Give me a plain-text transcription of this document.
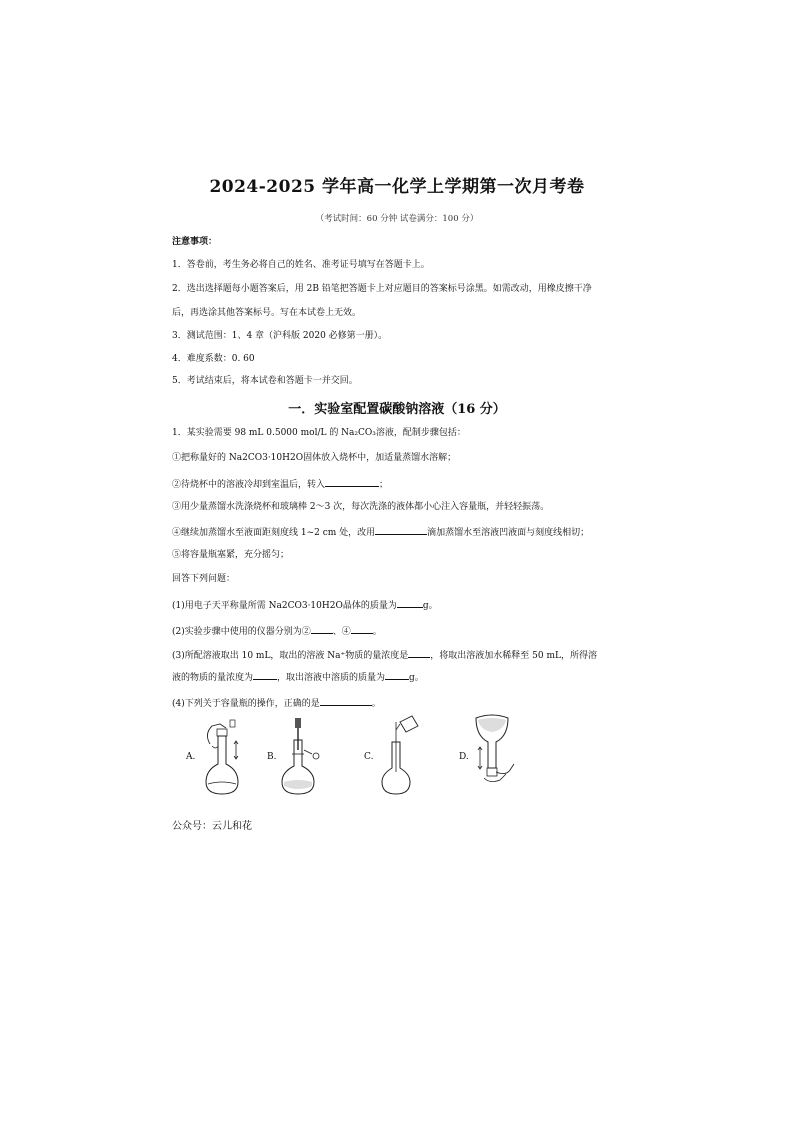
2024-2025 学年高一化学上学期第一次月考卷
（考试时间：60 分钟 试卷满分：100 分）
注意事项：
1．答卷前，考生务必将自己的姓名、准考证号填写在答题卡上。
2．选出选择题每小题答案后，用 2B 铅笔把答题卡上对应题目的答案标号涂黑。如需改动，用橡皮擦干净
后，再选涂其他答案标号。写在本试卷上无效。
3．测试范围：1、4 章（沪科版 2020 必修第一册）。
4．难度系数：0. 60
5．考试结束后，将本试卷和答题卡一并交回。
一．实验室配置碳酸钠溶液（16 分）
1．某实验需要 98 mL 0.5000 mol/L 的 Na₂CO₃溶液，配制步骤包括：
①把称量好的 Na2CO3·10H2O固体放入烧杯中，加适量蒸馏水溶解；
②待烧杯中的溶液冷却到室温后，转入	；
③用少量蒸馏水洗涤烧杯和玻璃棒 2～3 次，每次洗涤的液体都小心注入容量瓶，并轻轻振荡。
④继续加蒸馏水至液面距刻度线 1~2 cm 处，改用	滴加蒸馏水至溶液凹液面与刻度线相切；
⑤将容量瓶塞紧，充分摇匀；
回答下列问题：
(1)用电子天平称量所需 Na2CO3·10H2O晶体的质量为	g。
(2)实验步骤中使用的仪器分别为② 、④ 。
(3)所配溶液取出 10 mL，取出的溶液 Na⁺物质的量浓度是 ，将取出溶液加水稀释至 50 mL，所得溶
液的物质的量浓度为	，取出溶液中溶质的质量为	g。
(4)下列关于容量瓶的操作，正确的是	。
A.	B.	C.	D.
公众号：云儿和花
